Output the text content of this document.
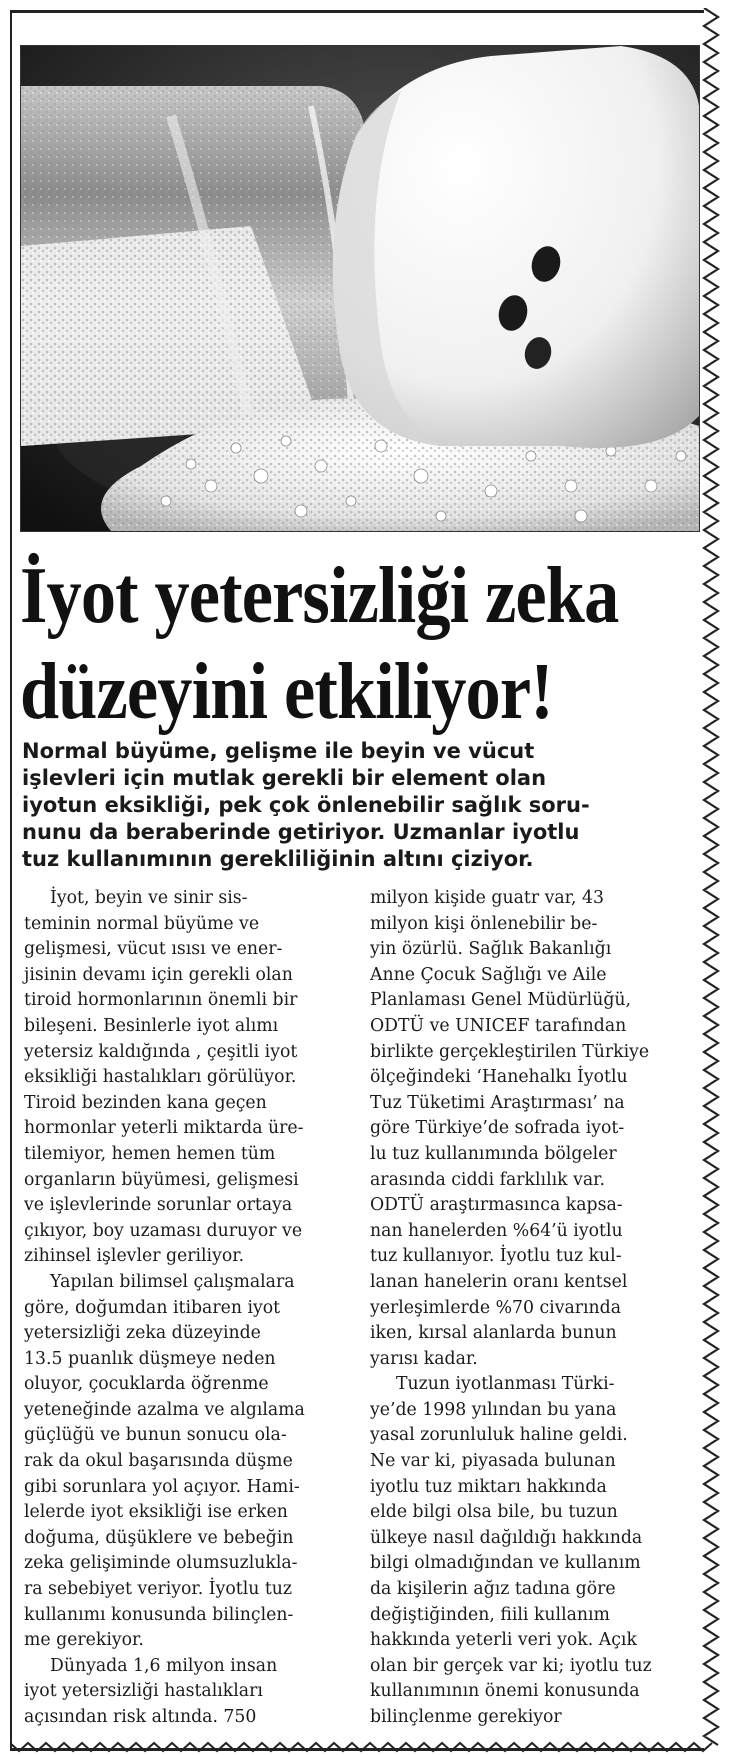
İyot yetersizliği zeka
düzeyini etkiliyor!
Normal büyüme, gelişme ile beyin ve vücut
işlevleri için mutlak gerekli bir element olan
iyotun eksikliği, pek çok önlenebilir sağlık soru-
nunu da beraberinde getiriyor. Uzmanlar iyotlu
tuz kullanımının gerekliliğinin altını çiziyor.
İyot, beyin ve sinir sis-
teminin normal büyüme ve
gelişmesi, vücut ısısı ve ener-
jisinin devamı için gerekli olan
tiroid hormonlarının önemli bir
bileşeni. Besinlerle iyot alımı
yetersiz kaldığında , çeşitli iyot
eksikliği hastalıkları görülüyor.
Tiroid bezinden kana geçen
hormonlar yeterli miktarda üre-
tilemiyor, hemen hemen tüm
organların büyümesi, gelişmesi
ve işlevlerinde sorunlar ortaya
çıkıyor, boy uzaması duruyor ve
zihinsel işlevler geriliyor.
Yapılan bilimsel çalışmalara
göre, doğumdan itibaren iyot
yetersizliği zeka düzeyinde
13.5 puanlık düşmeye neden
oluyor, çocuklarda öğrenme
yeteneğinde azalma ve algılama
güçlüğü ve bunun sonucu ola-
rak da okul başarısında düşme
gibi sorunlara yol açıyor. Hami-
lelerde iyot eksikliği ise erken
doğuma, düşüklere ve bebeğin
zeka gelişiminde olumsuzlukla-
ra sebebiyet veriyor. İyotlu tuz
kullanımı konusunda bilinçlen-
me gerekiyor.
Dünyada 1,6 milyon insan
iyot yetersizliği hastalıkları
açısından risk altında. 750
milyon kişide guatr var, 43
milyon kişi önlenebilir be-
yin özürlü. Sağlık Bakanlığı
Anne Çocuk Sağlığı ve Aile
Planlaması Genel Müdürlüğü,
ODTÜ ve UNICEF tarafından
birlikte gerçekleştirilen Türkiye
ölçeğindeki ‘Hanehalkı İyotlu
Tuz Tüketimi Araştırması’ na
göre Türkiye’de sofrada iyot-
lu tuz kullanımında bölgeler
arasında ciddi farklılık var.
ODTÜ araştırmasınca kapsa-
nan hanelerden %64’ü iyotlu
tuz kullanıyor. İyotlu tuz kul-
lanan hanelerin oranı kentsel
yerleşimlerde %70 civarında
iken, kırsal alanlarda bunun
yarısı kadar.
Tuzun iyotlanması Türki-
ye’de 1998 yılından bu yana
yasal zorunluluk haline geldi.
Ne var ki, piyasada bulunan
iyotlu tuz miktarı hakkında
elde bilgi olsa bile, bu tuzun
ülkeye nasıl dağıldığı hakkında
bilgi olmadığından ve kullanım
da kişilerin ağız tadına göre
değiştiğinden, fiili kullanım
hakkında yeterli veri yok. Açık
olan bir gerçek var ki; iyotlu tuz
kullanımının önemi konusunda
bilinçlenme gerekiyor
